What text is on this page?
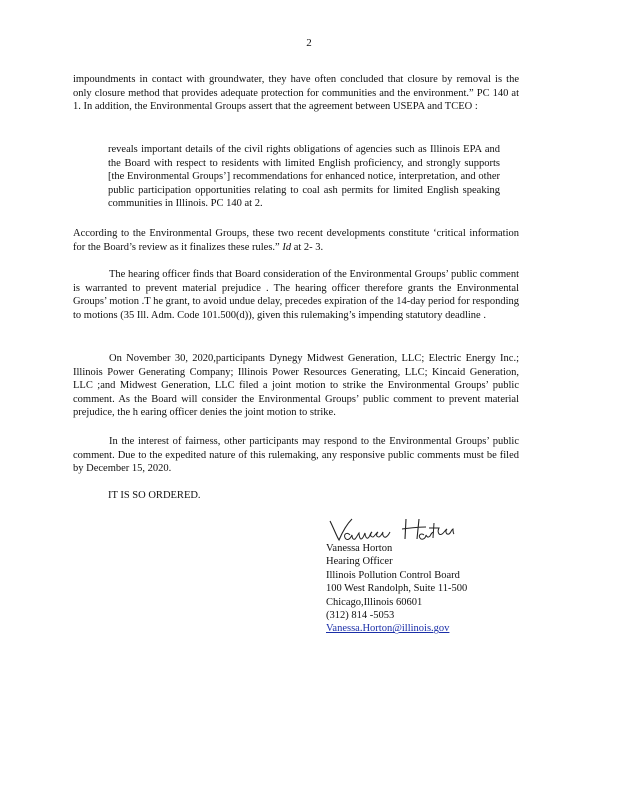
2

impoundments in contact with groundwater, they have often concluded that closure by removal is the only closure method that provides adequate protection for communities and the environment.” PC 140 at 1. In addition, the Environmental Groups assert that the agreement between USEPA and TCEO :

reveals important details of the civil rights obligations of agencies such as Illinois EPA and the Board with respect to residents with limited English proficiency, and strongly supports [the Environmental Groups’] recommendations for enhanced notice, interpretation, and other public participation opportunities relating to coal ash permits for limited English speaking communities in Illinois. PC 140 at 2.

According to the Environmental Groups, these two recent developments constitute ‘critical information for the Board’s review as it finalizes these rules.” Id at 2- 3.

The hearing officer finds that Board consideration of the Environmental Groups’ public comment is warranted to prevent material prejudice . The hearing officer therefore grants the Environmental Groups’ motion .T he grant, to avoid undue delay, precedes expiration of the 14-day period for responding to motions (35 Ill. Adm. Code 101.500(d)), given this rulemaking’s impending statutory deadline .

On November 30, 2020,participants Dynegy Midwest Generation, LLC; Electric Energy Inc.; Illinois Power Generating Company; Illinois Power Resources Generating, LLC; Kincaid Generation, LLC ;and Midwest Generation, LLC filed a joint motion to strike the Environmental Groups’ public comment. As the Board will consider the Environmental Groups’ public comment to prevent material prejudice, the h earing officer denies the joint motion to strike.

In the interest of fairness, other participants may respond to the Environmental Groups’ public comment. Due to the expedited nature of this rulemaking, any responsive public comments must be filed by December 15, 2020.

IT IS SO ORDERED.
Vanessa Horton
Hearing Officer
Illinois Pollution Control Board
100 West Randolph, Suite 11-500
Chicago,Illinois 60601
(312) 814 -5053
Vanessa.Horton@illinois.gov
